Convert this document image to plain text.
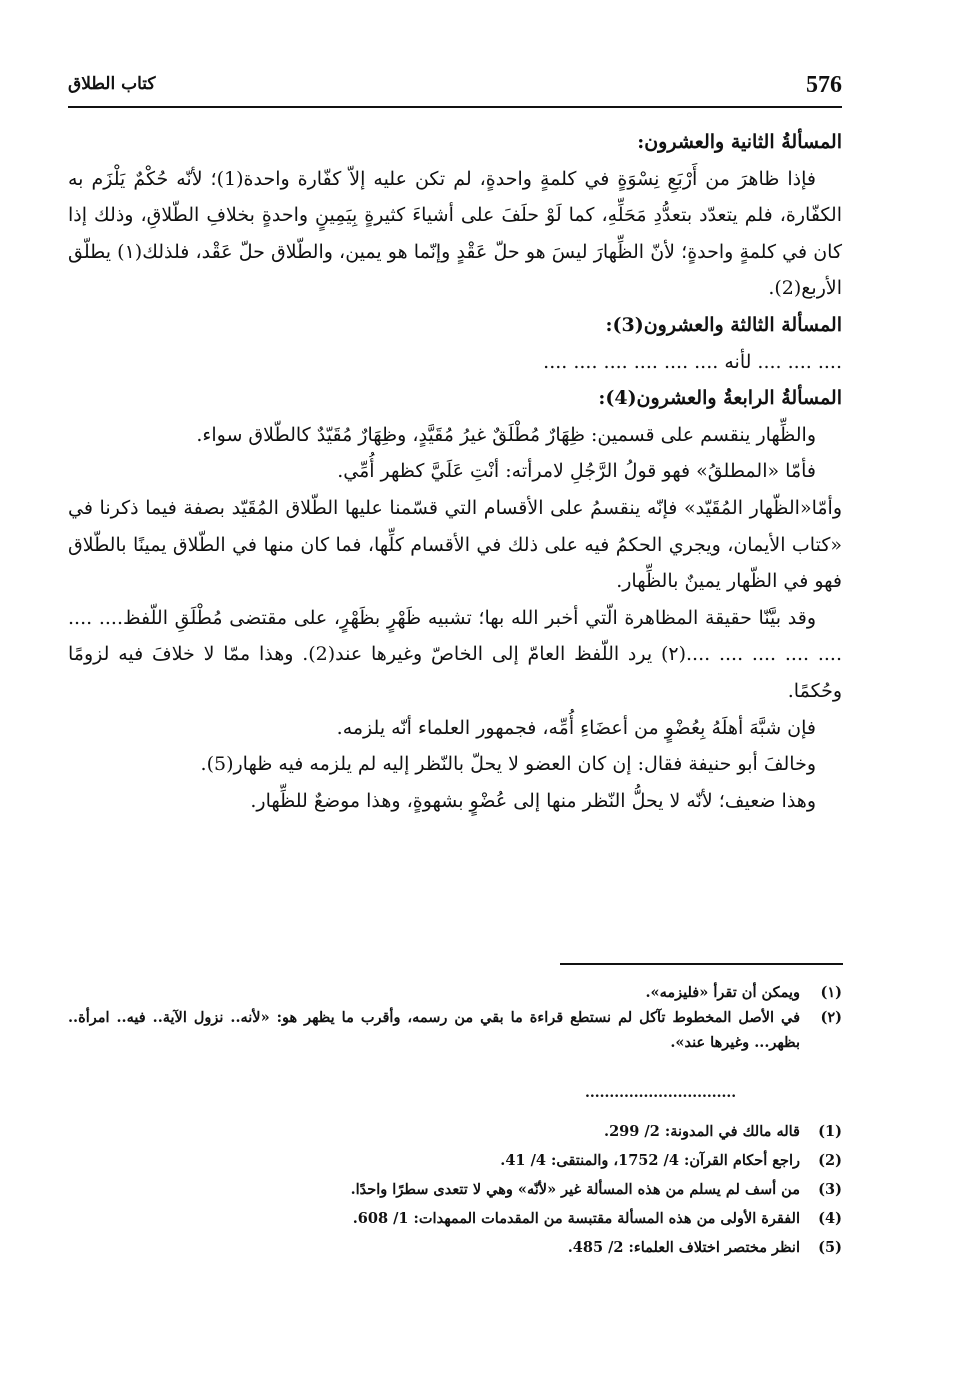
576
كتاب الطلاق

المسألةُ الثانية والعشرون:

فإذا ظاهرَ من أَرْبَعِ نِسْوَةٍ في كلمةٍ واحدةٍ، لم تكن عليه إلاّ كفّارة واحدة(1)؛ لأنّه حُكْمٌ يَلْزَم به الكفّارة، فلم يتعدّد بتعدُّدِ مَحَلِّهِ، كما لَوْ حلَفَ على أشياءَ كثيرةٍ بِيَمِينٍ واحدةٍ بخلافِ الطّلاقِ، وذلك إذا كان في كلمةٍ واحدةٍ؛ لأنّ الظِّهارَ ليسَ هو حلّ عَقْدٍ وإنّما هو يمين، والطّلاق حلّ عَقْد، فلذلك(١) يطلّق الأربع(2).

المسألة الثالثة والعشرون(3):

.... .... .... لأنه .... .... .... .... .... ....

المسألةُ الرابعةُ والعشرون(4):

والظِّهار ينقسم على قسمين: ظِهَارٌ مُطْلَقٌ غيرُ مُقَيَّدٍ، وظِهَارٌ مُقَيّدٌ كالطّلاق سواء.

فأمّا «المطلقُ» فهو قولُ الرَّجُلِ لامرأته: أنْتِ عَلَيَّ كظهر أُمِّي.

وأمّا«الظّهار المُقَيّد» فإنّه ينقسمُ على الأقسام التي قسّمنا عليها الطّلاق المُقَيّد بصفة فيما ذكرنا في «كتاب الأيمان، ويجري الحكمُ فيه على ذلك في الأقسام كلِّها، فما كان منها في الطّلاق يمينًا بالطّلاق فهو في الظّهار يمينٌ بالظِّهار.

وقد بيَّنّا حقيقة المظاهرة الّتي أخبر الله بها؛ تشبيه ظَهْرٍ بظَهْرٍ، على مقتضى مُطْلَقِ اللّفظ.... .... .... .... .... .... ....(٢) يرد اللّفظ العامّ إلى الخاصّ وغيرها عند(2). وهذا ممّا لا خلافَ فيه لزومًا وحُكمًا.

فإن شبَّهَ أهلَهُ بِعُضْوٍ من أعضَاءِ أُمِّه، فجمهور العلماء أنّه يلزمه.

وخالفَ أبو حنيفة فقال: إن كان العضو لا يحلّ بالنّظر إليه لم يلزمه فيه ظهار(5).

وهذا ضعيف؛ لأنّه لا يحلُّ النّظر منها إلى عُضْوٍ بشهوةٍ، وهذا موضعٌ للظِّهار.

(١)
ويمكن أن تقرأ «فليزمه».
(٢)
في الأصل المخطوط تآكل لم نستطع قراءة ما بقي من رسمه، وأقرب ما يظهر هو: «لأنه.. نزول الآية.. فيه.. امرأة.. بظهر... وغيرها عند».
...............................
(1)
قاله مالك في المدونة: 2/ 299.
(2)
راجع أحكام القرآن: 4/ 1752، والمنتقى: 4/ 41.
(3)
من أسف لم يسلم من هذه المسألة غير «لأنّه» وهي لا تتعدى سطرًا واحدًا.
(4)
الفقرة الأولى من هذه المسألة مقتبسة من المقدمات الممهدات: 1/ 608.
(5)
انظر مختصر اختلاف العلماء: 2/ 485.
